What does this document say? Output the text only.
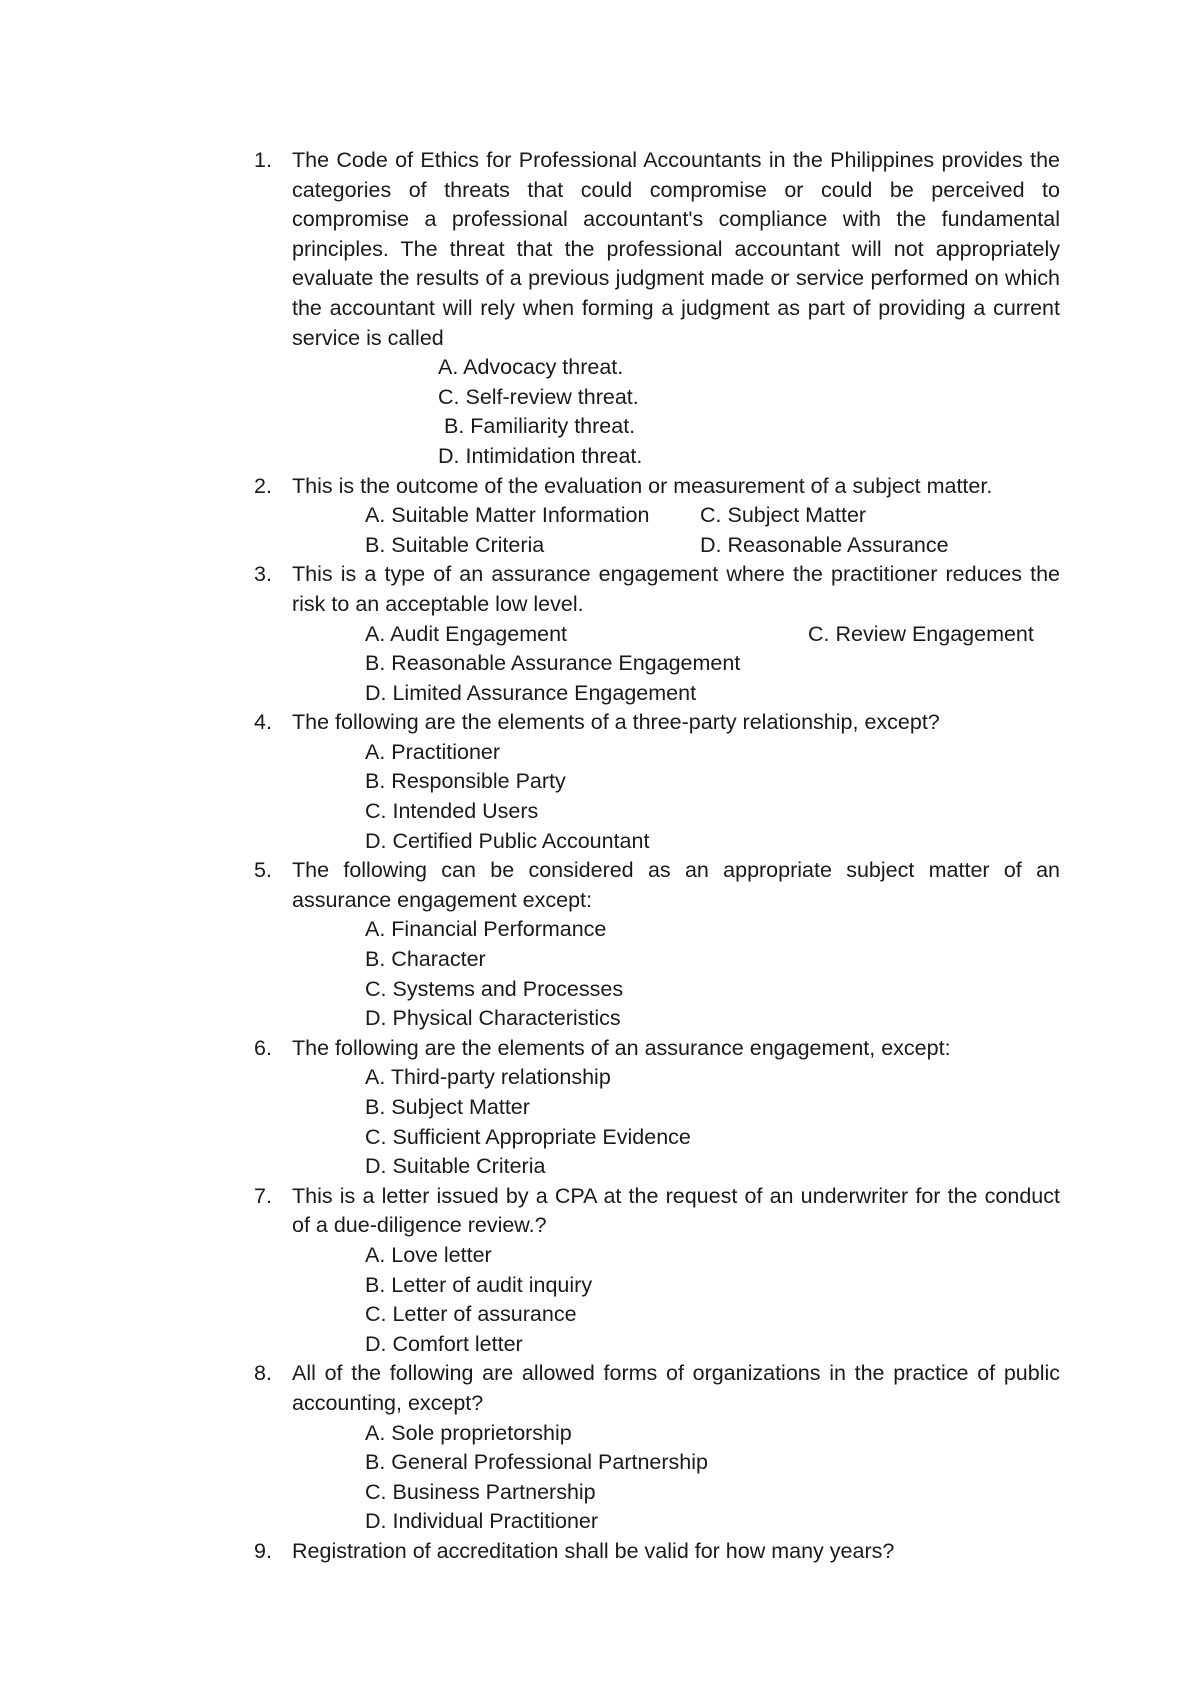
1. The Code of Ethics for Professional Accountants in the Philippines provides the categories of threats that could compromise or could be perceived to compromise a professional accountant's compliance with the fundamental principles. The threat that the professional accountant will not appropriately evaluate the results of a previous judgment made or service performed on which the accountant will rely when forming a judgment as part of providing a current service is called
A. Advocacy threat.
C. Self-review threat.
B. Familiarity threat.
D. Intimidation threat.
2. This is the outcome of the evaluation or measurement of a subject matter.
A. Suitable Matter Information C. Subject Matter
B. Suitable Criteria	D. Reasonable Assurance
3. This is a type of an assurance engagement where the practitioner reduces the risk to an acceptable low level.
A. Audit Engagement	C. Review Engagement
B. Reasonable Assurance Engagement
D. Limited Assurance Engagement
4. The following are the elements of a three-party relationship, except?
A. Practitioner
B. Responsible Party
C. Intended Users
D. Certified Public Accountant
5. The following can be considered as an appropriate subject matter of an assurance engagement except:
A. Financial Performance
B. Character
C. Systems and Processes
D. Physical Characteristics
6. The following are the elements of an assurance engagement, except:
A. Third-party relationship
B. Subject Matter
C. Sufficient Appropriate Evidence
D. Suitable Criteria
7. This is a letter issued by a CPA at the request of an underwriter for the conduct of a due-diligence review.?
A. Love letter
B. Letter of audit inquiry
C. Letter of assurance
D. Comfort letter
8. All of the following are allowed forms of organizations in the practice of public accounting, except?
A. Sole proprietorship
B. General Professional Partnership
C. Business Partnership
D. Individual Practitioner
9. Registration of accreditation shall be valid for how many years?
